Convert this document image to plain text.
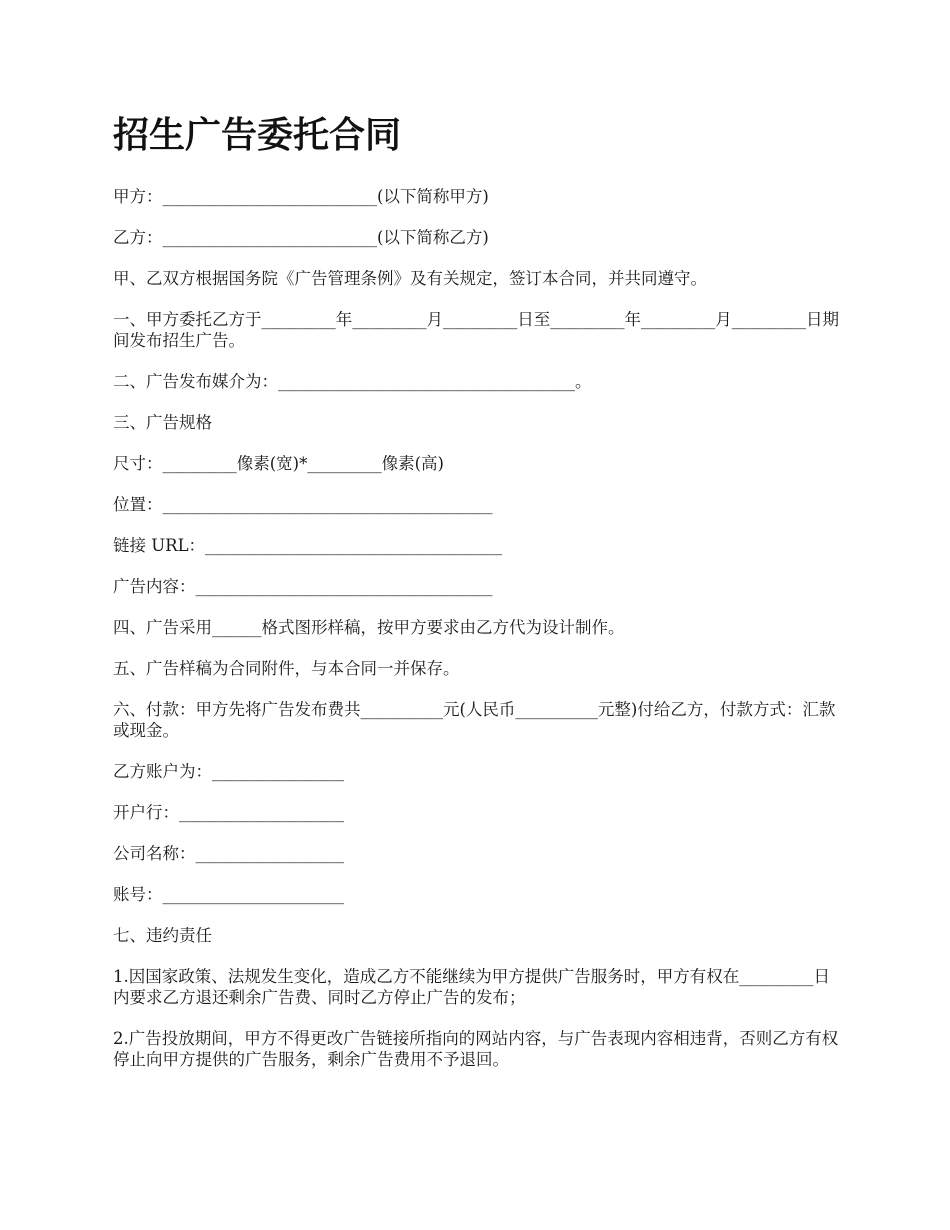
招生广告委托合同

甲方：__________________________(以下简称甲方)

乙方：__________________________(以下简称乙方)

甲、乙双方根据国务院《广告管理条例》及有关规定，签订本合同，并共同遵守。

一、甲方委托乙方于_________年_________月_________日至_________年_________月_________日期间发布招生广告。

二、广告发布媒介为：____________________________________。

三、广告规格

尺寸：_________像素(宽)*_________像素(高)

位置：________________________________________

链接 URL：____________________________________

广告内容：____________________________________

四、广告采用______格式图形样稿，按甲方要求由乙方代为设计制作。

五、广告样稿为合同附件，与本合同一并保存。

六、付款：甲方先将广告发布费共__________元(人民币__________元整)付给乙方，付款方式：汇款或现金。

乙方账户为：________________

开户行：____________________

公司名称：__________________

账号：______________________

七、违约责任

1.因国家政策、法规发生变化，造成乙方不能继续为甲方提供广告服务时，甲方有权在_________日内要求乙方退还剩余广告费、同时乙方停止广告的发布；

2.广告投放期间，甲方不得更改广告链接所指向的网站内容，与广告表现内容相违背，否则乙方有权停止向甲方提供的广告服务，剩余广告费用不予退回。
